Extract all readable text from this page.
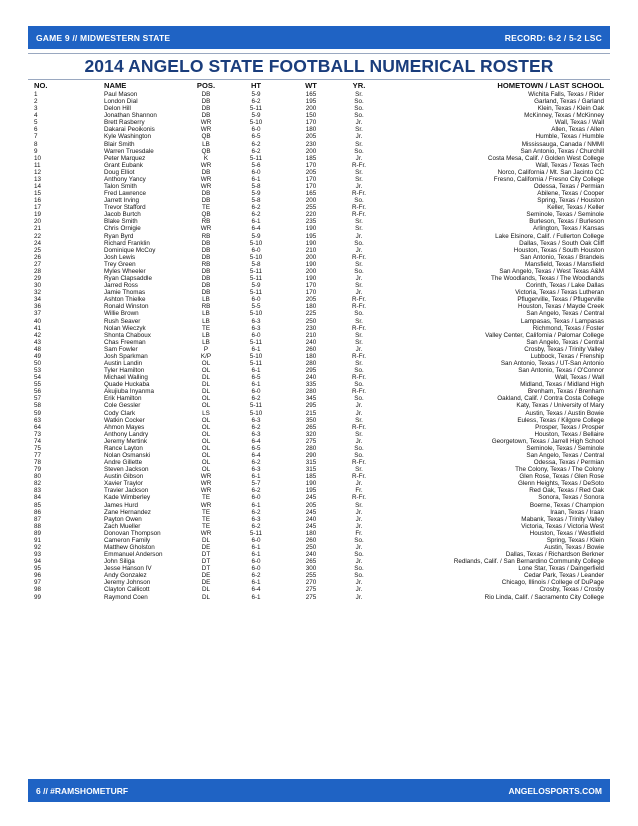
GAME 9 // MIDWESTERN STATE	RECORD: 6-2 / 5-2 LSC
2014 ANGELO STATE FOOTBALL NUMERICAL ROSTER
NO.	NAME	POS.	HT	WT	YR.	HOMETOWN / LAST SCHOOL
1	Paul Mason	DB	5-9	165	Sr.	Wichita Falls, Texas / Rider
2	London Dial	DB	6-2	195	So.	Garland, Texas / Garland
3	Delon Hill	DB	5-11	200	So.	Klein, Texas / Klein Oak
4	Jonathan Shannon	DB	5-9	150	So.	McKinney, Texas / McKinney
5	Brett Rasberry	WR	5-10	170	Jr.	Wall, Texas / Wall
6	Dakarai Peoikonis	WR	6-0	180	Sr.	Allen, Texas / Allen
7	Kyle Washington	QB	6-5	205	Jr.	Humble, Texas / Humble
8	Blair Smith	LB	6-2	230	Sr.	Mississauga, Canada / NMMI
9	Warren Truesdale	QB	6-2	200	So.	San Antonio, Texas / Churchill
10	Peter Marquez	K	5-11	185	Jr.	Costa Mesa, Calif. / Golden West College
11	Grant Eubank	WR	5-6	170	R-Fr.	Wall, Texas / Texas Tech
12	Doug Elliot	DB	6-0	205	Sr.	Norco, California / Mt. San Jacinto CC
13	Anthony Yancy	WR	6-1	170	Sr.	Fresno, California / Fresno City College
14	Talon Smith	WR	5-8	170	Jr.	Odessa, Texas / Permian
15	Fred Lawrence	DB	5-9	165	R-Fr.	Abilene, Texas / Cooper
16	Jarrett Irving	DB	5-8	200	So.	Spring, Texas / Houston
17	Trevor Stafford	TE	6-2	255	R-Fr.	Keller, Texas / Keller
19	Jacob Burtch	QB	6-2	220	R-Fr.	Seminole, Texas / Seminole
20	Blake Smith	RB	6-1	235	Sr.	Burleson, Texas / Burleson
21	Chris Ornigie	WR	6-4	190	Sr.	Arlington, Texas / Kansas
22	Ryan Byrd	RB	5-9	195	Jr.	Lake Elsinore, Calif. / Fullerton College
24	Richard Franklin	DB	5-10	190	So.	Dallas, Texas / South Oak Cliff
25	Dominique McCoy	DB	6-0	210	Jr.	Houston, Texas / South Houston
26	Josh Lewis	DB	5-10	200	R-Fr.	San Antonio, Texas / Brandeis
27	Trey Green	RB	5-8	190	Sr.	Mansfield, Texas / Mansfield
28	Myles Wheeler	DB	5-11	200	So.	San Angelo, Texas / West Texas A&M
29	Ryan Clapsaddle	DB	5-11	190	Jr.	The Woodlands, Texas / The Woodlands
30	Jarred Ross	DB	5-9	170	Sr.	Corinth, Texas / Lake Dallas
32	Jamie Thomas	DB	5-11	170	Jr.	Victoria, Texas / Texas Lutheran
34	Ashton Thielke	LB	6-0	205	R-Fr.	Pflugerville, Texas / Pflugerville
36	Ronald Winston	RB	5-5	180	R-Fr.	Houston, Texas / Mayde Creek
37	Willie Brown	LB	5-10	225	So.	San Angelo, Texas / Central
40	Rush Seaver	LB	6-3	250	Sr.	Lampasas, Texas / Lampasas
41	Nolan Wieczyk	TE	6-3	230	R-Fr.	Richmond, Texas / Foster
42	Shonta Chaboux	LB	6-0	210	Sr.	Valley Center, California / Palomar College
43	Chas Freeman	LB	5-11	240	Sr.	San Angelo, Texas / Central
48	Sam Fowler	P	6-1	260	Jr.	Crosby, Texas / Trinity Valley
49	Josh Sparkman	K/P	5-10	180	R-Fr.	Lubbock, Texas / Frenship
50	Austin Landin	OL	5-11	280	Sr.	San Antonio, Texas / UT-San Antonio
53	Tyler Hamilton	OL	6-1	295	So.	San Antonio, Texas / O'Connor
54	Michael Walling	DL	6-5	240	R-Fr.	Wall, Texas / Wall
55	Quade Huckaba	DL	6-1	335	So.	Midland, Texas / Midland High
56	Akujiuba Inyanma	DL	6-0	280	R-Fr.	Brenham, Texas / Brenham
57	Erik Hamilton	OL	6-2	345	So.	Oakland, Calif. / Contra Costa College
58	Cole Gessler	OL	5-11	295	Jr.	Katy, Texas / University of Mary
59	Cody Clark	LS	5-10	215	Jr.	Austin, Texas / Austin Bowie
63	Watkin Cocker	OL	6-3	350	Sr.	Euless, Texas / Kilgore College
64	Ahmon Mayes	OL	6-2	265	R-Fr.	Prosper, Texas / Prosper
73	Anthony Landry	OL	6-3	320	Sr.	Houston, Texas / Bellaire
74	Jeremy Mertink	OL	6-4	275	Jr.	Georgetown, Texas / Jarrell High School
75	Rance Layton	OL	6-5	280	So.	Seminole, Texas / Seminole
77	Nolan Osmanski	OL	6-4	290	So.	San Angelo, Texas / Central
78	Andre Gillette	OL	6-2	315	R-Fr.	Odessa, Texas / Permian
79	Steven Jackson	OL	6-3	315	Sr.	The Colony, Texas / The Colony
80	Austin Gibson	WR	6-1	185	R-Fr.	Glen Rose, Texas / Glen Rose
82	Xavier Traylor	WR	5-7	190	Jr.	Glenn Heights, Texas / DeSoto
83	Travier Jackson	WR	6-2	195	Fr.	Red Oak, Texas / Red Oak
84	Kade Wimberley	TE	6-0	245	R-Fr.	Sonora, Texas / Sonora
85	James Hurd	WR	6-1	205	Sr.	Boerne, Texas / Champion
86	Zane Hernandez	TE	6-2	245	Jr.	Iraan, Texas / Iraan
87	Payton Owen	TE	6-3	240	Jr.	Mabank, Texas / Trinity Valley
88	Zach Mueller	TE	6-2	245	Jr.	Victoria, Texas / Victoria West
89	Donovan Thompson	WR	5-11	180	Fr.	Houston, Texas / Westfield
91	Cameron Family	DL	6-0	260	So.	Spring, Texas / Klein
92	Matthew Gholston	DE	6-1	250	Jr.	Austin, Texas / Bowie
93	Emmanuel Anderson	DT	6-1	240	So.	Dallas, Texas / Richardson Berkner
94	John Siliga	DT	6-0	265	Jr.	Redlands, Calif. / San Bernardino Community College
95	Jesse Hanson IV	DT	6-0	300	So.	Lone Star, Texas / Daingerfield
96	Andy Gonzalez	DE	6-2	255	So.	Cedar Park, Texas / Leander
97	Jeremy Johnson	DE	6-1	270	Jr.	Chicago, Illinois / College of DuPage
98	Clayton Callicott	DL	6-4	275	Jr.	Crosby, Texas / Crosby
99	Raymond Coen	DL	6-1	275	Jr.	Rio Linda, Calif. / Sacramento City College
6 // #RAMSHOMETURF	ANGELOSPORTS.COM
